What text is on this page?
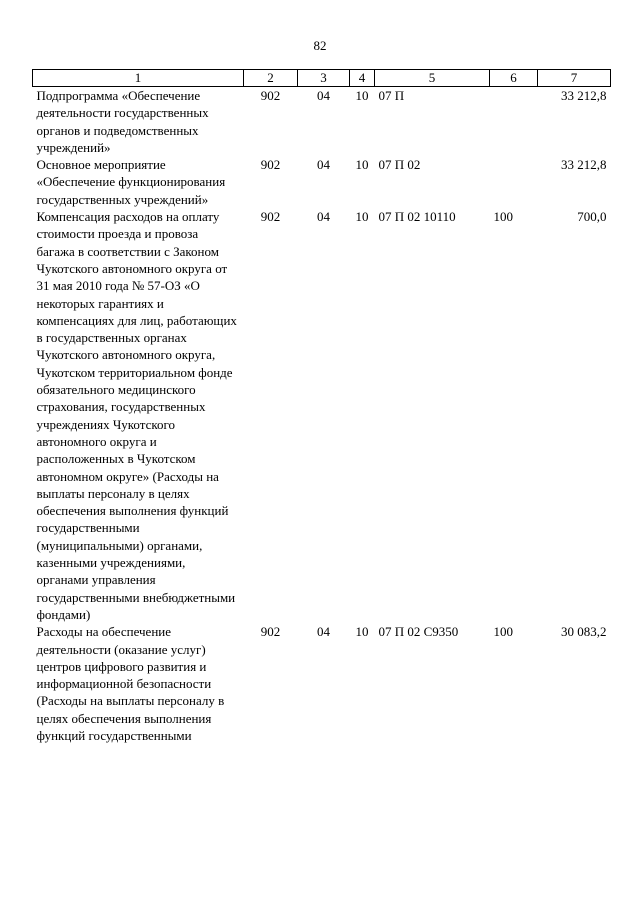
82
1	2	3	4	5	6	7
Подпрограмма «Обеспечение деятельности государственных органов и подведомственных учреждений»	902	04	10	07 П		33 212,8
Основное мероприятие «Обеспечение функционирования государственных учреждений»	902	04	10	07 П 02		33 212,8
Компенсация расходов на оплату стоимости проезда и провоза багажа в соответствии с Законом Чукотского автономного округа от 31 мая 2010 года № 57-ОЗ «О некоторых гарантиях и компенсациях для лиц, работающих в государственных органах Чукотского автономного округа, Чукотском территориальном фонде обязательного медицинского страхования, государственных учреждениях Чукотского автономного округа и расположенных в Чукотском автономном округе» (Расходы на выплаты персоналу в целях обеспечения выполнения функций государственными (муниципальными) органами, казенными учреждениями, органами управления государственными внебюджетными фондами)	902	04	10	07 П 02 10110	100	700,0
Расходы на обеспечение деятельности (оказание услуг) центров цифрового развития и информационной безопасности (Расходы на выплаты персоналу в целях обеспечения выполнения функций государственными	902	04	10	07 П 02 С9350	100	30 083,2
